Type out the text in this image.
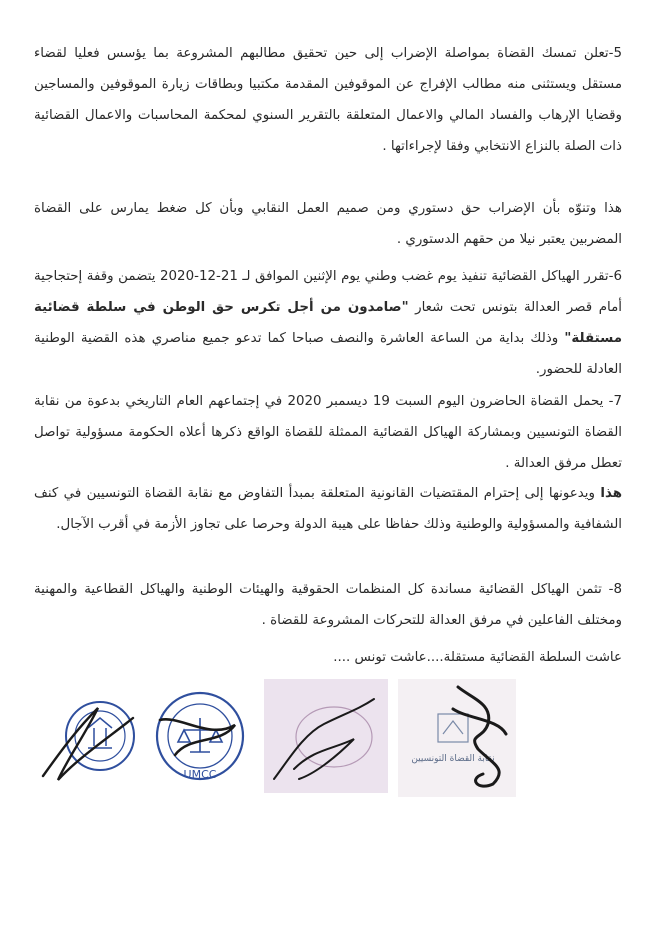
5-تعلن تمسك القضاة بمواصلة الإضراب إلى حين تحقيق مطالبهم المشروعة بما يؤسس فعليا لقضاء مستقل ويستثنى منه مطالب الإفراج عن الموقوفين المقدمة مكتبيا وبطاقات زيارة الموقوفين والمساجين وقضايا الإرهاب والفساد المالي والاعمال المتعلقة بالتقرير السنوي لمحكمة المحاسبات والاعمال القضائية ذات الصلة بالنزاع الانتخابي وفقا لإجراءاتها .

هذا وتنوّه بأن الإضراب حق دستوري ومن صميم العمل النقابي وبأن كل ضغط يمارس على القضاة المضربين يعتبر نيلا من حقهم الدستوري .

6-تقرر الهياكل القضائية تنفيذ يوم غضب وطني يوم الإثنين الموافق لـ 21-12-2020 يتضمن وقفة إحتجاجية أمام قصر العدالة بتونس تحت شعار "صامدون من أجل تكرس حق الوطن في سلطة قضائية مستقلة" وذلك بداية من الساعة العاشرة والنصف صباحا كما تدعو جميع مناصري هذه القضية الوطنية العادلة للحضور.

7- يحمل القضاة الحاضرون اليوم السبت 19 ديسمبر 2020 في إجتماعهم العام التاريخي بدعوة من نقابة القضاة التونسيين وبمشاركة الهياكل القضائية الممثلة للقضاة الواقع ذكرها أعلاه الحكومة مسؤولية تواصل تعطل مرفق العدالة .

هذا ويدعونها إلى إحترام المقتضيات القانونية المتعلقة بمبدأ التفاوض مع نقابة القضاة التونسيين في كنف الشفافية والمسؤولية والوطنية وذلك حفاظا على هيبة الدولة وحرصا على تجاوز الأزمة في أقرب الآجال.

8- تثمن الهياكل القضائية مساندة كل المنظمات الحقوقية والهيئات الوطنية والهياكل القطاعية والمهنية ومختلف الفاعلين في مرفق العدالة للتحركات المشروعة للقضاة .

عاشت السلطة القضائية مستقلة....عاشت تونس ....

UMCC
نقابة القضاة التونسيين
